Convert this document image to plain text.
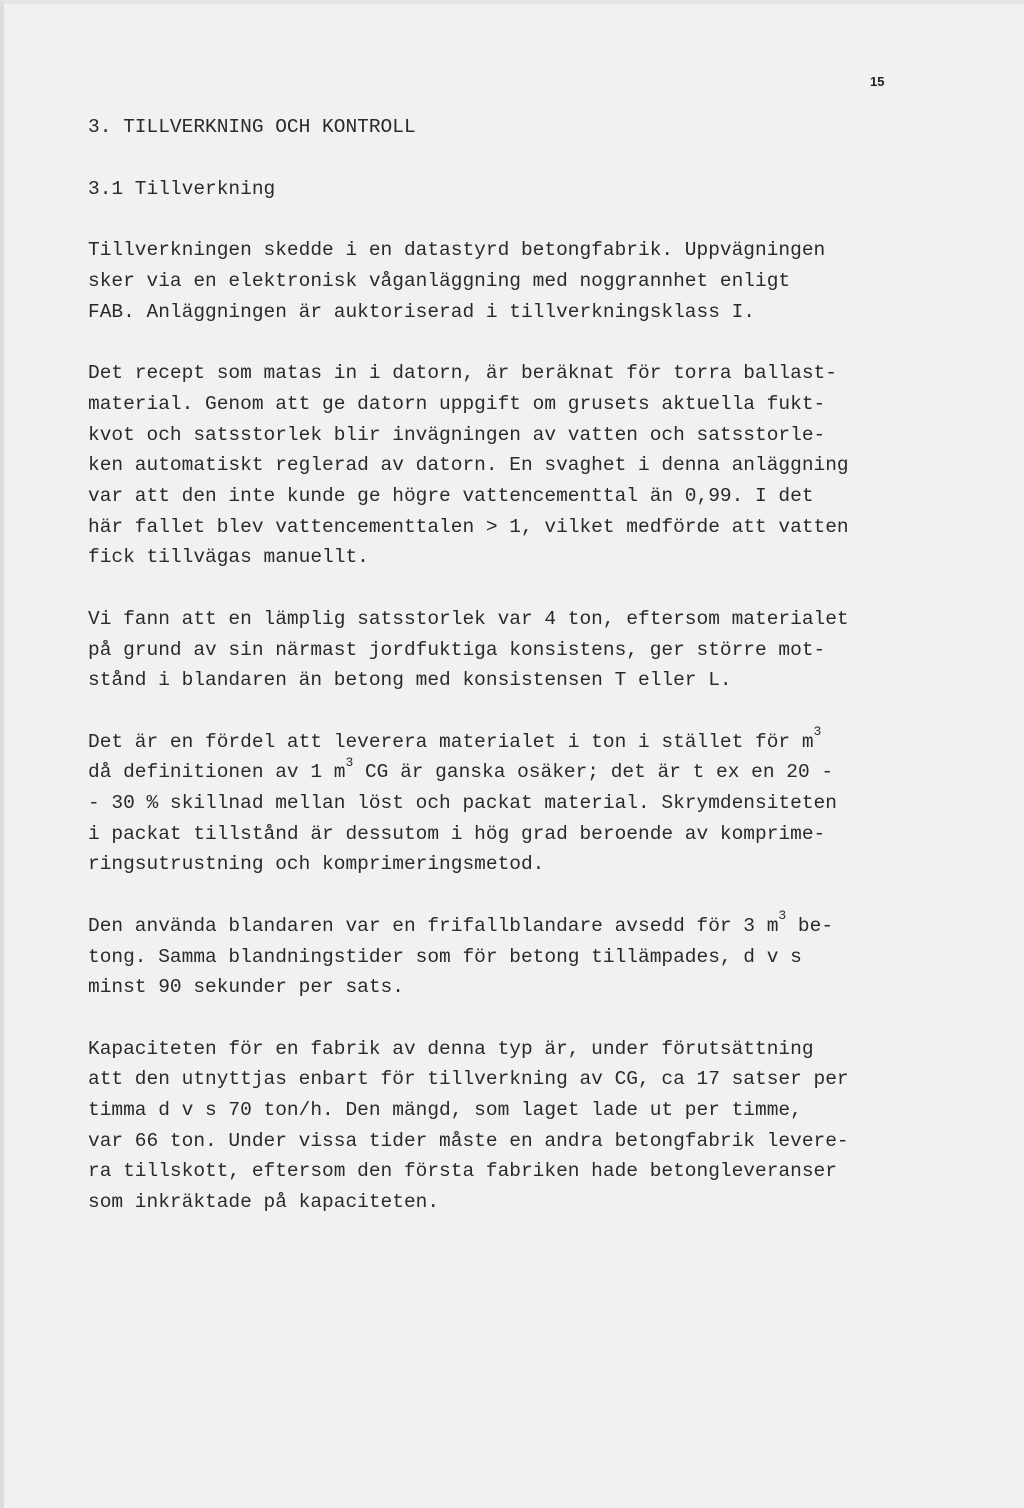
15
3. TILLVERKNING OCH KONTROLL
3.1 Tillverkning

Tillverkningen skedde i en datastyrd betongfabrik. Uppvägningen
sker via en elektronisk våganläggning med noggrannhet enligt
FAB. Anläggningen är auktoriserad i tillverkningsklass I.

Det recept som matas in i datorn, är beräknat för torra ballast-
material. Genom att ge datorn uppgift om grusets aktuella fukt-
kvot och satsstorlek blir invägningen av vatten och satsstorle-
ken automatiskt reglerad av datorn. En svaghet i denna anläggning
var att den inte kunde ge högre vattencementtal än 0,99. I det
här fallet blev vattencementtalen > 1, vilket medförde att vatten
fick tillvägas manuellt.

Vi fann att en lämplig satsstorlek var 4 ton, eftersom materialet
på grund av sin närmast jordfuktiga konsistens, ger större mot-
stånd i blandaren än betong med konsistensen T eller L.

Det är en fördel att leverera materialet i ton i stället för $m^3$
då definitionen av 1 $m^3$ CG är ganska osäker; det är t ex en 20 -
- 30 % skillnad mellan löst och packat material. Skrymdensiteten
i packat tillstånd är dessutom i hög grad beroende av komprime-
ringsutrustning och komprimeringsmetod.

Den använda blandaren var en frifallblandare avsedd för 3 $m^3$ be-
tong. Samma blandningstider som för betong tillämpades, d v s
minst 90 sekunder per sats.

Kapaciteten för en fabrik av denna typ är, under förutsättning
att den utnyttjas enbart för tillverkning av CG, ca 17 satser per
timma d v s 70 ton/h. Den mängd, som laget lade ut per timme,
var 66 ton. Under vissa tider måste en andra betongfabrik levere-
ra tillskott, eftersom den första fabriken hade betongleveranser
som inkräktade på kapaciteten.
